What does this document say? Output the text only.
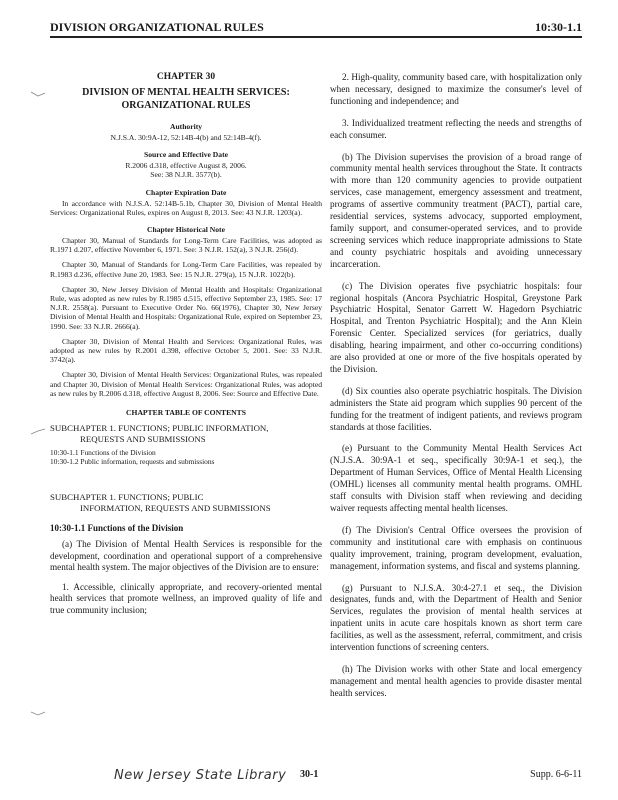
DIVISION ORGANIZATIONAL RULES	10:30-1.1
CHAPTER 30
DIVISION OF MENTAL HEALTH SERVICES:
ORGANIZATIONAL RULES
Authority
N.J.S.A. 30:9A-12, 52:14B-4(b) and 52:14B-4(f).
Source and Effective Date
R.2006 d.318, effective August 8, 2006.
See: 38 N.J.R. 3577(b).
Chapter Expiration Date
In accordance with N.J.S.A. 52:14B-5.1b, Chapter 30, Division of Mental Health Services: Organizational Rules, expires on August 8, 2013. See: 43 N.J.R. 1203(a).
Chapter Historical Note
Chapter 30, Manual of Standards for Long-Term Care Facilities, was adopted as R.1971 d.207, effective November 6, 1971. See: 3 N.J.R. 152(a), 3 N.J.R. 256(d).
Chapter 30, Manual of Standards for Long-Term Care Facilities, was repealed by R.1983 d.236, effective June 20, 1983. See: 15 N.J.R. 279(a), 15 N.J.R. 1022(b).
Chapter 30, New Jersey Division of Mental Health and Hospitals: Organizational Rule, was adopted as new rules by R.1985 d.515, effective September 23, 1985. See: 17 N.J.R. 2558(a). Pursuant to Executive Order No. 66(1976), Chapter 30, New Jersey Division of Mental Health and Hospitals: Organizational Rule, expired on September 23, 1990. See: 33 N.J.R. 2666(a).
Chapter 30, Division of Mental Health and Services: Organizational Rules, was adopted as new rules by R.2001 d.398, effective October 5, 2001. See: 33 N.J.R. 3742(a).
Chapter 30, Division of Mental Health Services: Organizational Rules, was repealed and Chapter 30, Division of Mental Health Services: Organizational Rules, was adopted as new rules by R.2006 d.318, effective August 8, 2006. See: Source and Effective Date.
CHAPTER TABLE OF CONTENTS
SUBCHAPTER 1. FUNCTIONS; PUBLIC INFORMATION,
REQUESTS AND SUBMISSIONS
10:30-1.1 Functions of the Division
10:30-1.2 Public information, requests and submissions
SUBCHAPTER 1. FUNCTIONS; PUBLIC
INFORMATION, REQUESTS AND SUBMISSIONS
10:30-1.1 Functions of the Division
(a) The Division of Mental Health Services is responsible for the development, coordination and operational support of a comprehensive mental health system. The major objectives of the Division are to ensure:
1. Accessible, clinically appropriate, and recovery-oriented mental health services that promote wellness, an improved quality of life and true community inclusion;
2. High-quality, community based care, with hospitalization only when necessary, designed to maximize the consumer's level of functioning and independence; and
3. Individualized treatment reflecting the needs and strengths of each consumer.
(b) The Division supervises the provision of a broad range of community mental health services throughout the State. It contracts with more than 120 community agencies to provide outpatient services, case management, emergency assessment and treatment, programs of assertive community treatment (PACT), partial care, residential services, systems advocacy, supported employment, family support, and consumer-operated services, and to provide screening services which reduce inappropriate admissions to State and county psychiatric hospitals and avoiding unnecessary incarceration.
(c) The Division operates five psychiatric hospitals: four regional hospitals (Ancora Psychiatric Hospital, Greystone Park Psychiatric Hospital, Senator Garrett W. Hagedorn Psychiatric Hospital, and Trenton Psychiatric Hospital); and the Ann Klein Forensic Center. Specialized services (for geriatrics, dually disabling, hearing impairment, and other co-occurring conditions) are also provided at one or more of the five hospitals operated by the Division.
(d) Six counties also operate psychiatric hospitals. The Division administers the State aid program which supplies 90 percent of the funding for the treatment of indigent patients, and reviews program standards at those facilities.
(e) Pursuant to the Community Mental Health Services Act (N.J.S.A. 30:9A-1 et seq., specifically 30:9A-1 et seq.), the Department of Human Services, Office of Mental Health Licensing (OMHL) licenses all community mental health programs. OMHL staff consults with Division staff when reviewing and deciding waiver requests affecting mental health licenses.
(f) The Division's Central Office oversees the provision of community and institutional care with emphasis on continuous quality improvement, training, program development, evaluation, management, information systems, and fiscal and systems planning.
(g) Pursuant to N.J.S.A. 30:4-27.1 et seq., the Division designates, funds and, with the Department of Health and Senior Services, regulates the provision of mental health services at inpatient units in acute care hospitals known as short term care facilities, as well as the assessment, referral, commitment, and crisis intervention functions of screening centers.
(h) The Division works with other State and local emergency management and mental health agencies to provide disaster mental health services.
New Jersey State Library 30-1	Supp. 6-6-11
